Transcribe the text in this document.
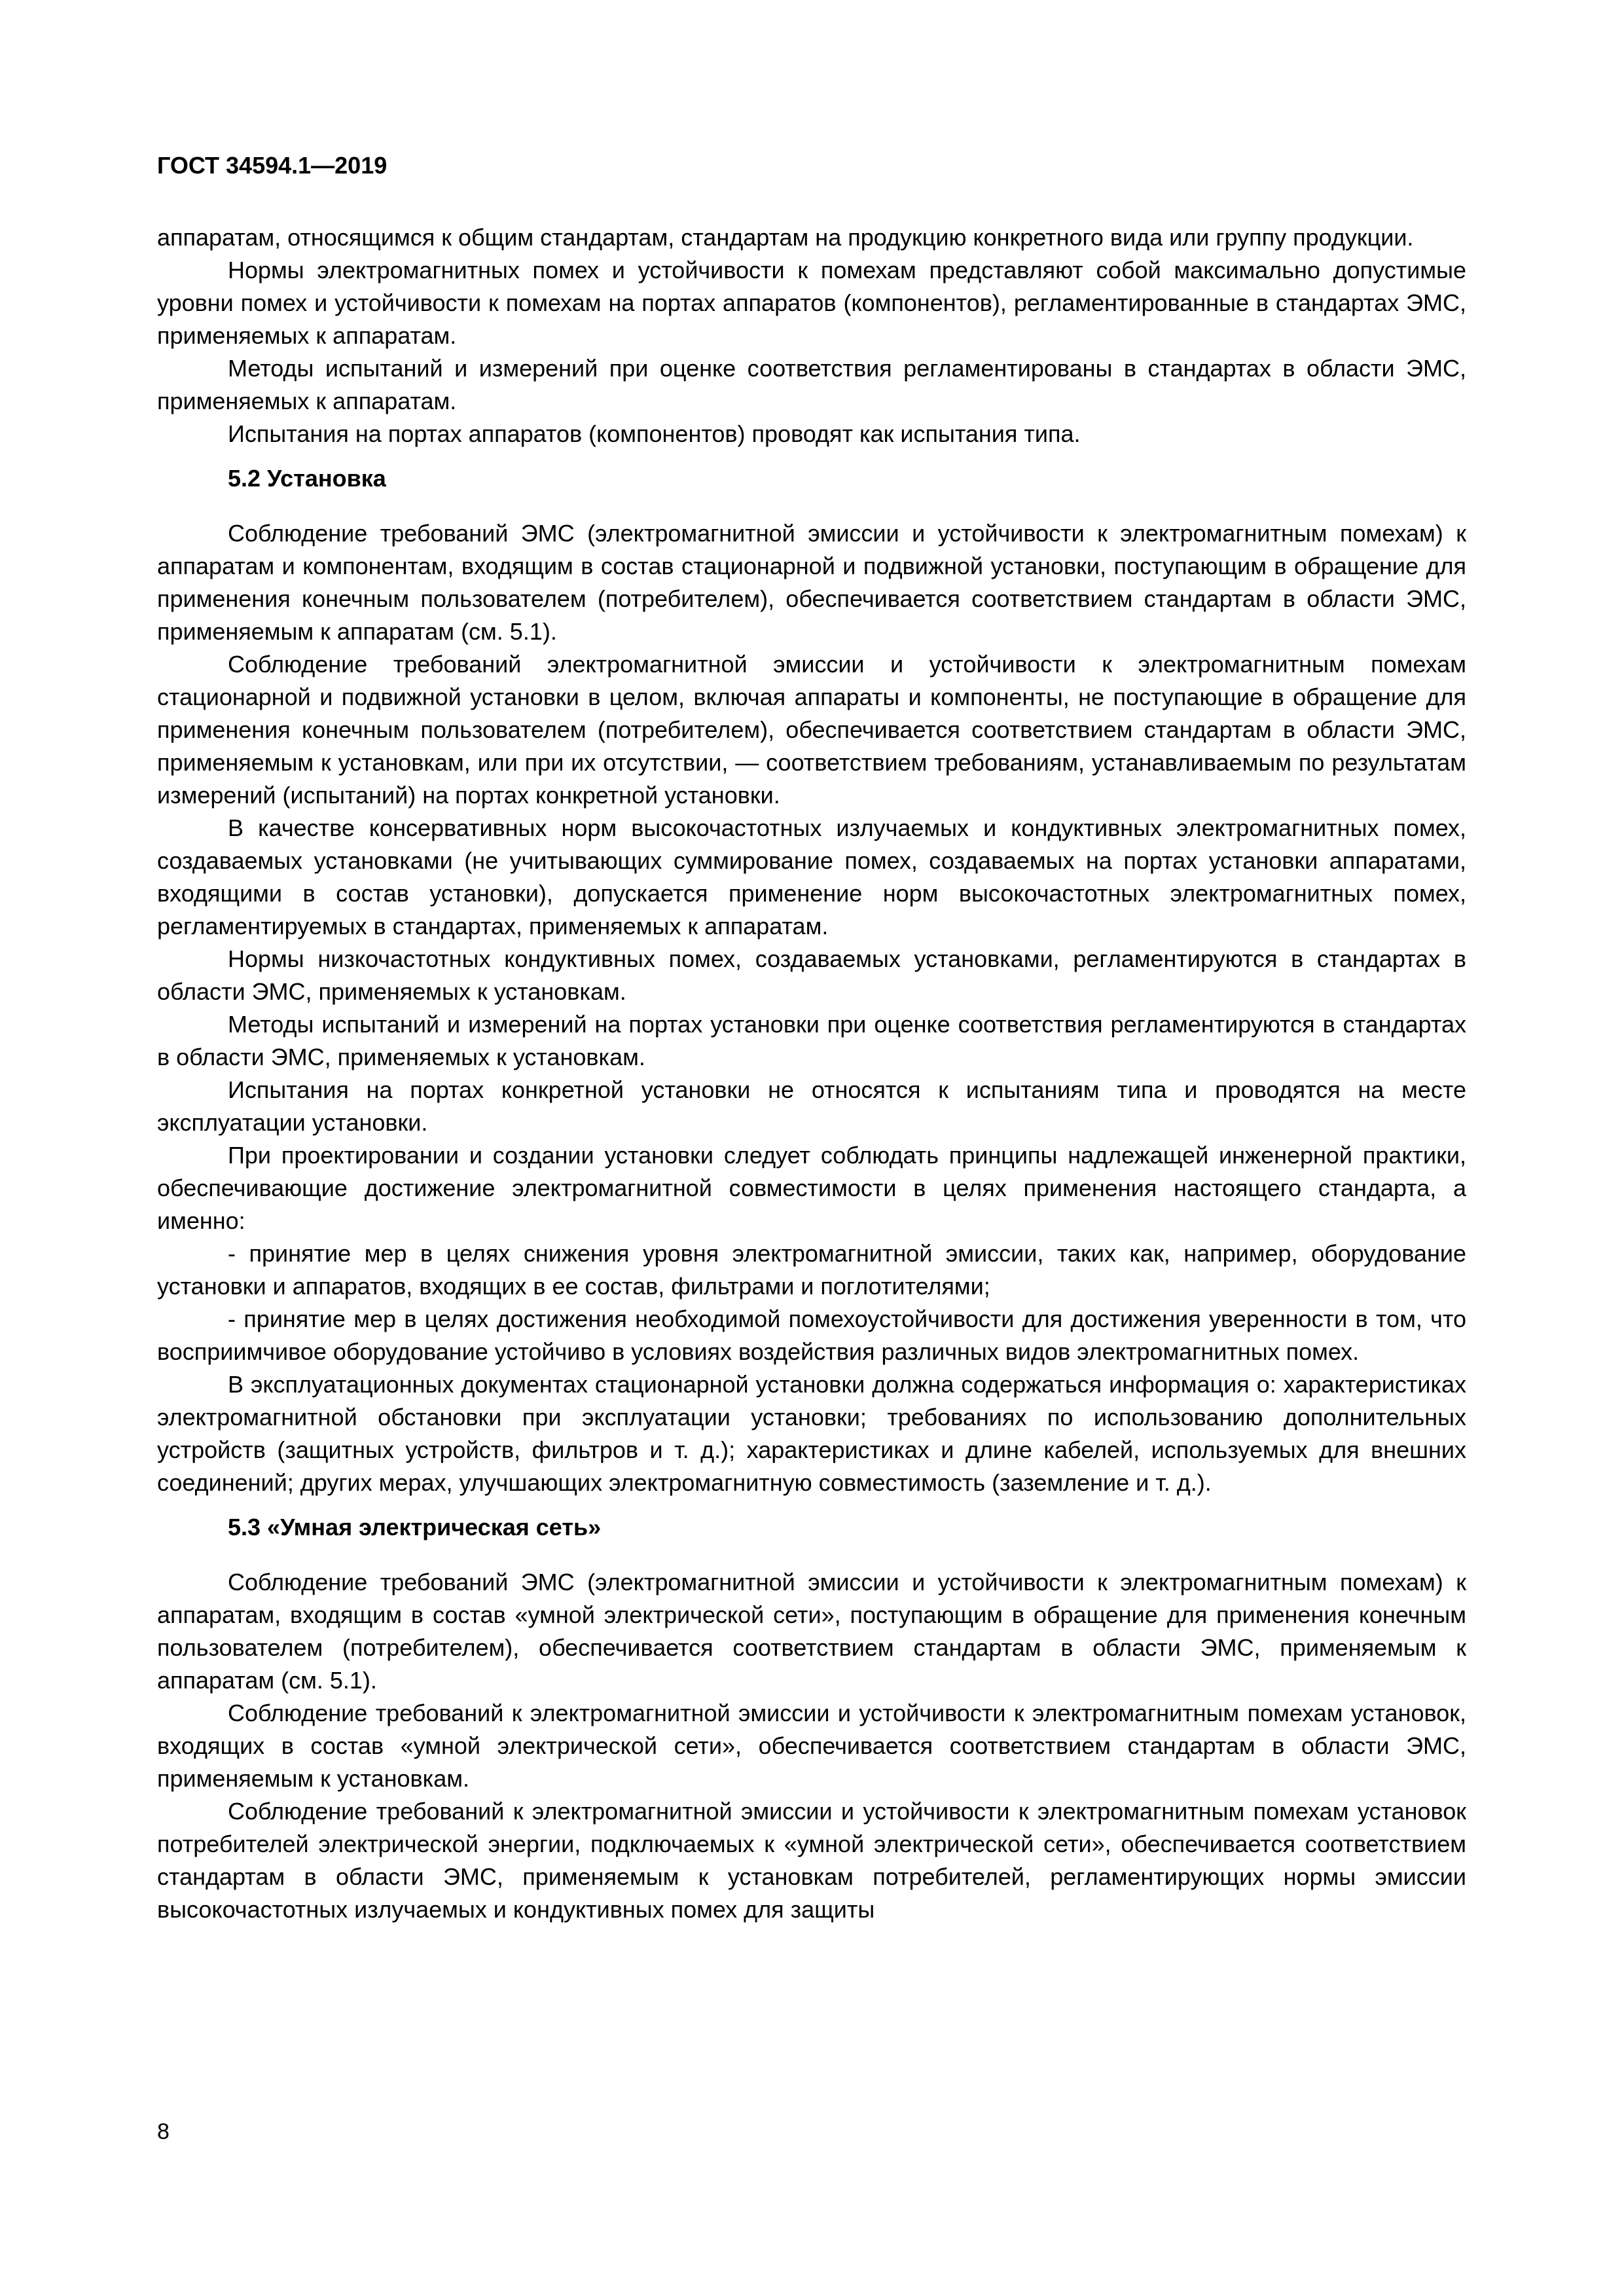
ГОСТ 34594.1—2019

аппаратам, относящимся к общим стандартам, стандартам на продукцию конкретного вида или группу продукции.

Нормы электромагнитных помех и устойчивости к помехам представляют собой максимально допустимые уровни помех и устойчивости к помехам на портах аппаратов (компонентов), регламентированные в стандартах ЭМС, применяемых к аппаратам.

Методы испытаний и измерений при оценке соответствия регламентированы в стандартах в области ЭМС, применяемых к аппаратам.

Испытания на портах аппаратов (компонентов) проводят как испытания типа.

5.2 Установка

Соблюдение требований ЭМС (электромагнитной эмиссии и устойчивости к электромагнитным помехам) к аппаратам и компонентам, входящим в состав стационарной и подвижной установки, поступающим в обращение для применения конечным пользователем (потребителем), обеспечивается соответствием стандартам в области ЭМС, применяемым к аппаратам (см. 5.1).

Соблюдение требований электромагнитной эмиссии и устойчивости к электромагнитным помехам стационарной и подвижной установки в целом, включая аппараты и компоненты, не поступающие в обращение для применения конечным пользователем (потребителем), обеспечивается соответствием стандартам в области ЭМС, применяемым к установкам, или при их отсутствии, — соответствием требованиям, устанавливаемым по результатам измерений (испытаний) на портах конкретной установки.

В качестве консервативных норм высокочастотных излучаемых и кондуктивных электромагнитных помех, создаваемых установками (не учитывающих суммирование помех, создаваемых на портах установки аппаратами, входящими в состав установки), допускается применение норм высокочастотных электромагнитных помех, регламентируемых в стандартах, применяемых к аппаратам.

Нормы низкочастотных кондуктивных помех, создаваемых установками, регламентируются в стандартах в области ЭМС, применяемых к установкам.

Методы испытаний и измерений на портах установки при оценке соответствия регламентируются в стандартах в области ЭМС, применяемых к установкам.

Испытания на портах конкретной установки не относятся к испытаниям типа и проводятся на месте эксплуатации установки.

При проектировании и создании установки следует соблюдать принципы надлежащей инженерной практики, обеспечивающие достижение электромагнитной совместимости в целях применения настоящего стандарта, а именно:

- принятие мер в целях снижения уровня электромагнитной эмиссии, таких как, например, оборудование установки и аппаратов, входящих в ее состав, фильтрами и поглотителями;

- принятие мер в целях достижения необходимой помехоустойчивости для достижения уверенности в том, что восприимчивое оборудование устойчиво в условиях воздействия различных видов электромагнитных помех.

В эксплуатационных документах стационарной установки должна содержаться информация о: характеристиках электромагнитной обстановки при эксплуатации установки; требованиях по использованию дополнительных устройств (защитных устройств, фильтров и т. д.); характеристиках и длине кабелей, используемых для внешних соединений; других мерах, улучшающих электромагнитную совместимость (заземление и т. д.).

5.3 «Умная электрическая сеть»

Соблюдение требований ЭМС (электромагнитной эмиссии и устойчивости к электромагнитным помехам) к аппаратам, входящим в состав «умной электрической сети», поступающим в обращение для применения конечным пользователем (потребителем), обеспечивается соответствием стандартам в области ЭМС, применяемым к аппаратам (см. 5.1).

Соблюдение требований к электромагнитной эмиссии и устойчивости к электромагнитным помехам установок, входящих в состав «умной электрической сети», обеспечивается соответствием стандартам в области ЭМС, применяемым к установкам.

Соблюдение требований к электромагнитной эмиссии и устойчивости к электромагнитным помехам установок потребителей электрической энергии, подключаемых к «умной электрической сети», обеспечивается соответствием стандартам в области ЭМС, применяемым к установкам потребителей, регламентирующих нормы эмиссии высокочастотных излучаемых и кондуктивных помех для защиты

8
